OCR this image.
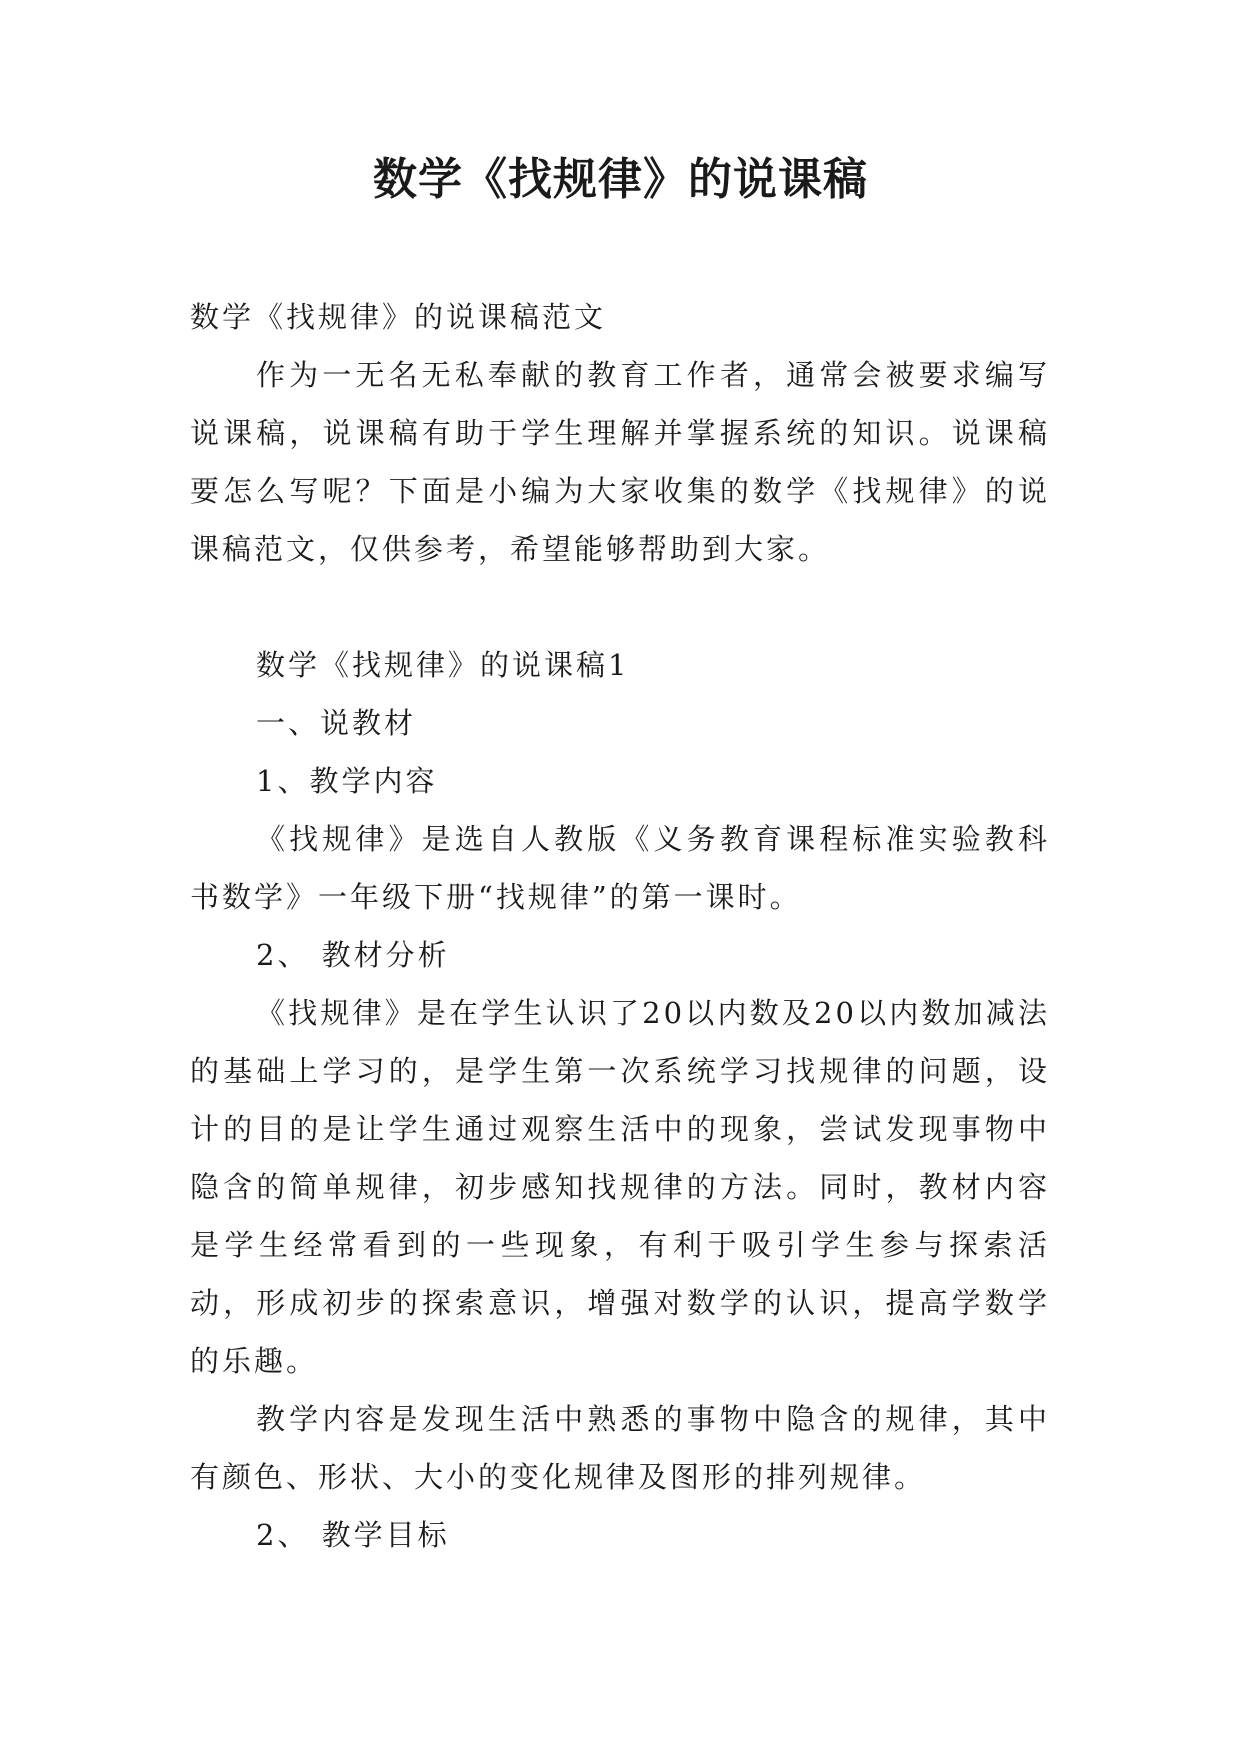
数学《找规律》的说课稿

数学《找规律》的说课稿范文

作为一无名无私奉献的教育工作者，通常会被要求编写说课稿，说课稿有助于学生理解并掌握系统的知识。说课稿要怎么写呢？下面是小编为大家收集的数学《找规律》的说课稿范文，仅供参考，希望能够帮助到大家。

数学《找规律》的说课稿1

一、说教材

1、教学内容

《找规律》是选自人教版《义务教育课程标准实验教科书数学》一年级下册“找规律”的第一课时。

2、 教材分析

《找规律》是在学生认识了20以内数及20以内数加减法的基础上学习的，是学生第一次系统学习找规律的问题，设计的目的是让学生通过观察生活中的现象，尝试发现事物中隐含的简单规律，初步感知找规律的方法。同时，教材内容是学生经常看到的一些现象，有利于吸引学生参与探索活动，形成初步的探索意识，增强对数学的认识，提高学数学的乐趣。

教学内容是发现生活中熟悉的事物中隐含的规律，其中有颜色、形状、大小的变化规律及图形的排列规律。

2、 教学目标
